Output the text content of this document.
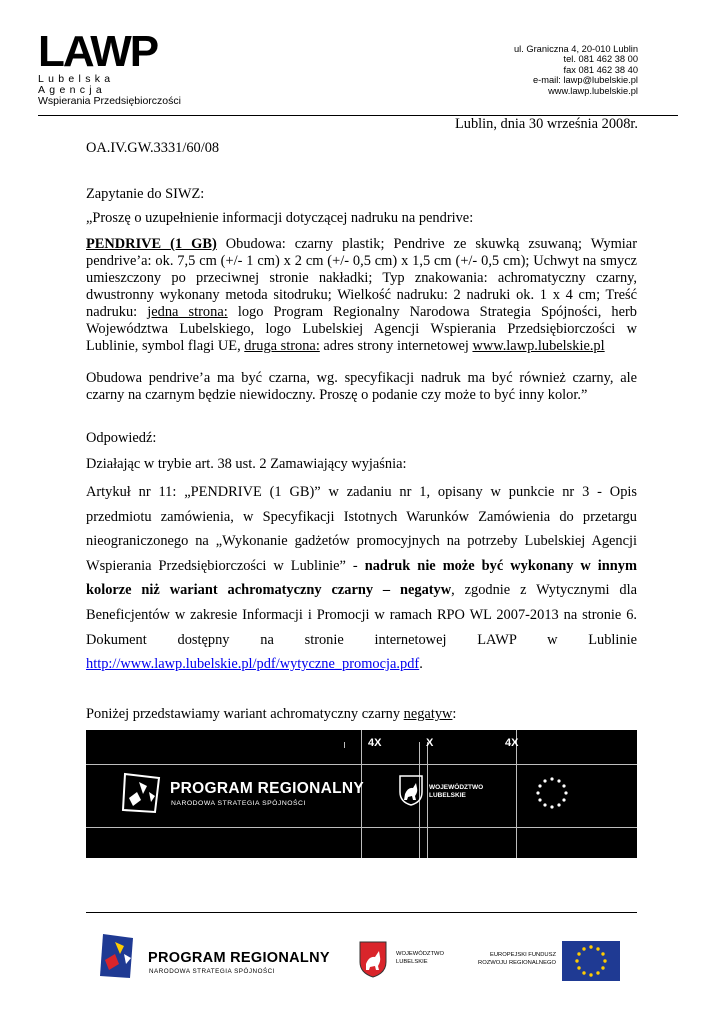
LAWP
Lubelska Agencja
Wspierania Przedsiębiorczości
ul. Graniczna 4, 20-010 Lublin
tel. 081 462 38 00
fax 081 462 38 40
e-mail: lawp@lubelskie.pl
www.lawp.lubelskie.pl
Lublin, dnia 30 września 2008r.
OA.IV.GW.3331/60/08
Zapytanie do SIWZ:
„Proszę o uzupełnienie informacji dotyczącej nadruku na pendrive:
PENDRIVE (1 GB) Obudowa: czarny plastik; Pendrive ze skuwką zsuwaną; Wymiar pendrive’a: ok. 7,5 cm (+/- 1 cm) x 2 cm (+/- 0,5 cm) x 1,5 cm (+/- 0,5 cm); Uchwyt na smycz umieszczony po przeciwnej stronie nakładki; Typ znakowania: achromatyczny czarny, dwustronny wykonany metoda sitodruku; Wielkość nadruku: 2 nadruki ok. 1 x 4 cm; Treść nadruku: jedna strona: logo Program Regionalny Narodowa Strategia Spójności, herb Województwa Lubelskiego, logo Lubelskiej Agencji Wspierania Przedsiębiorczości w Lublinie, symbol flagi UE, druga strona: adres strony internetowej www.lawp.lubelskie.pl
Obudowa pendrive’a ma być czarna, wg. specyfikacji nadruk ma być również czarny, ale czarny na czarnym będzie niewidoczny. Proszę o podanie czy może to być inny kolor.”
Odpowiedź:
Działając w trybie art. 38 ust. 2 Zamawiający wyjaśnia:
Artykuł nr 11: „PENDRIVE (1 GB)” w zadaniu nr 1, opisany w punkcie nr 3 - Opis przedmiotu zamówienia, w Specyfikacji Istotnych Warunków Zamówienia do przetargu nieograniczonego na „Wykonanie gadżetów promocyjnych na potrzeby Lubelskiej Agencji Wspierania Przedsiębiorczości w Lublinie” - nadruk nie może być wykonany w innym kolorze niż wariant achromatyczny czarny – negatyw, zgodnie z Wytycznymi dla Beneficjentów w zakresie Informacji i Promocji w ramach RPO WL 2007-2013 na stronie 6. Dokument dostępny na stronie internetowej LAWP w Lublinie http://www.lawp.lubelskie.pl/pdf/wytyczne_promocja.pdf.
Poniżej przedstawiamy wariant achromatyczny czarny negatyw:
4X	X	4X
PROGRAM REGIONALNY
NARODOWA STRATEGIA SPÓJNOŚCI
WOJEWÓDZTWO
LUBELSKIE
PROGRAM REGIONALNY
NARODOWA STRATEGIA SPÓJNOŚCI
WOJEWÓDZTWO
LUBELSKIE
EUROPEJSKI FUNDUSZ
ROZWOJU REGIONALNEGO
